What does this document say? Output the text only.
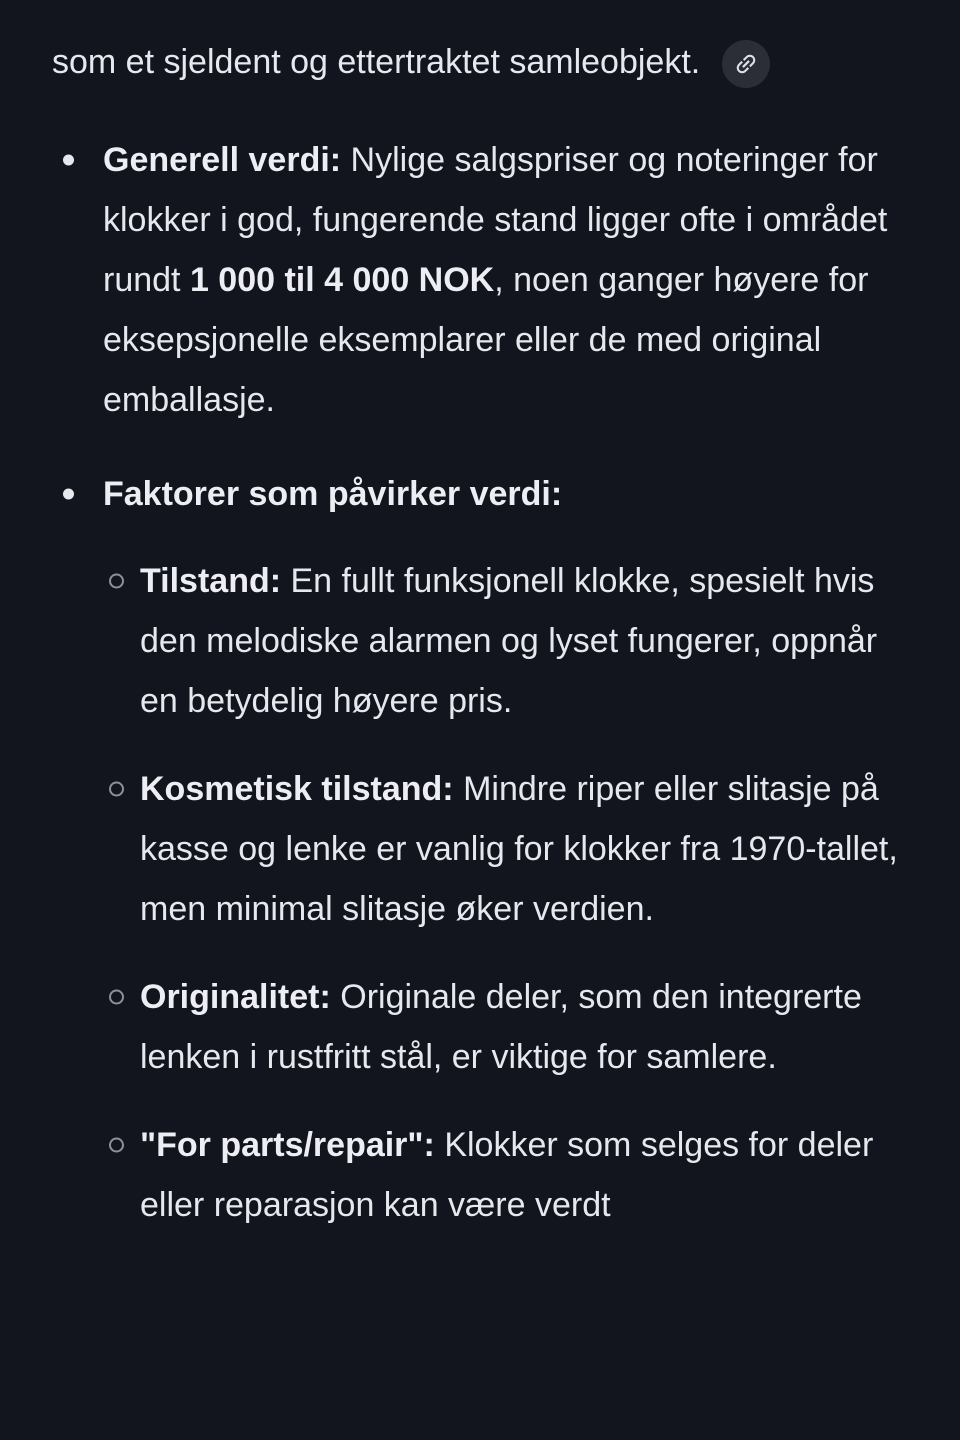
som et sjeldent og ettertraktet samleobjekt.

Generell verdi: Nylige salgspriser og noteringer for klokker i god, fungerende stand ligger ofte i området rundt 1 000 til 4 000 NOK, noen ganger høyere for eksepsjonelle eksemplarer eller de med original emballasje.

Faktorer som påvirker verdi:

Tilstand: En fullt funksjonell klokke, spesielt hvis den melodiske alarmen og lyset fungerer, oppnår en betydelig høyere pris.

Kosmetisk tilstand: Mindre riper eller slitasje på kasse og lenke er vanlig for klokker fra 1970-tallet, men minimal slitasje øker verdien.

Originalitet: Originale deler, som den integrerte lenken i rustfritt stål, er viktige for samlere.

"For parts/repair": Klokker som selges for deler eller reparasjon kan være verdt
